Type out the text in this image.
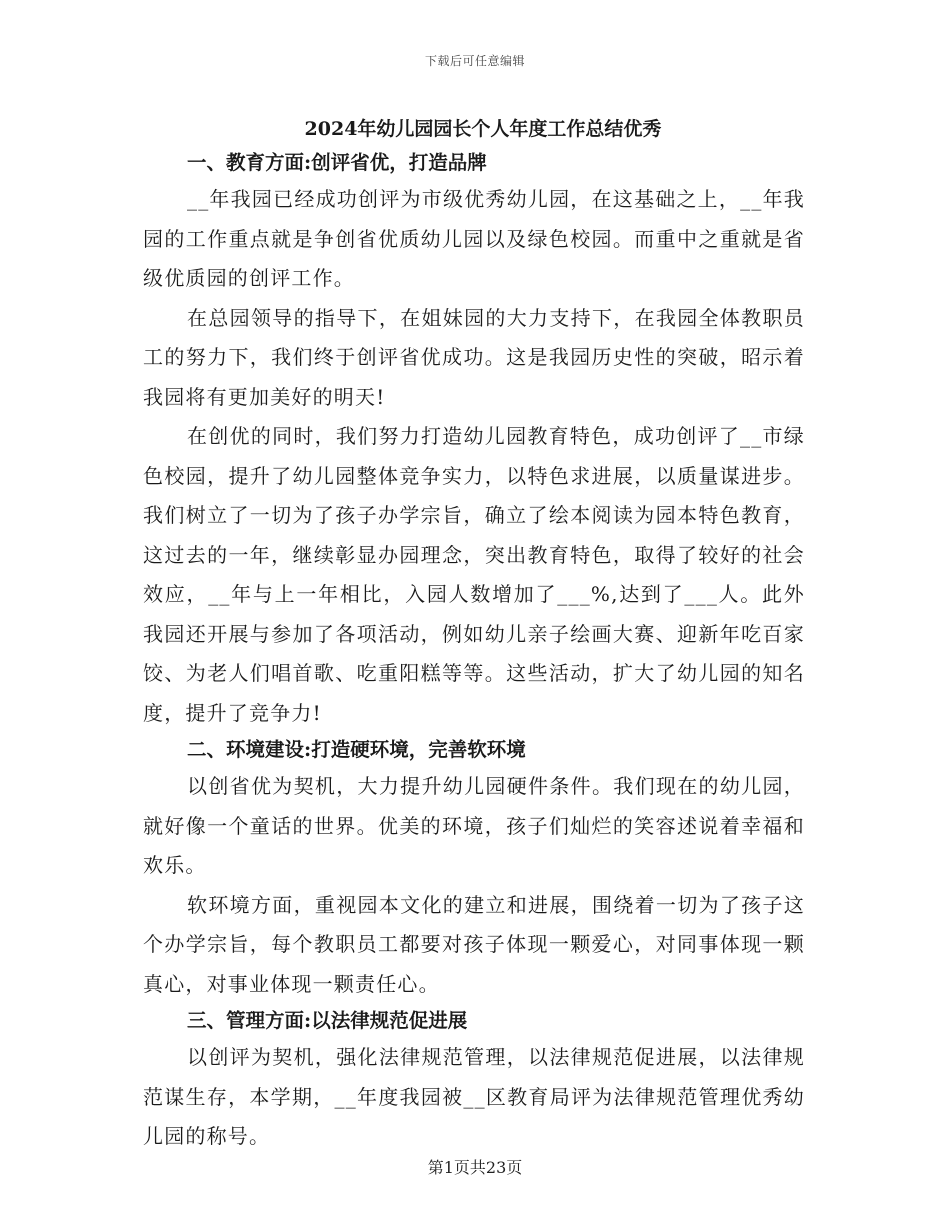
下载后可任意编辑
2024年幼儿园园长个人年度工作总结优秀
一、教育方面:创评省优，打造品牌

__年我园已经成功创评为市级优秀幼儿园，在这基础之上，__年我园的工作重点就是争创省优质幼儿园以及绿色校园。而重中之重就是省级优质园的创评工作。

在总园领导的指导下，在姐妹园的大力支持下，在我园全体教职员工的努力下，我们终于创评省优成功。这是我园历史性的突破，昭示着我园将有更加美好的明天!

在创优的同时，我们努力打造幼儿园教育特色，成功创评了__市绿色校园，提升了幼儿园整体竞争实力，以特色求进展，以质量谋进步。我们树立了一切为了孩子办学宗旨，确立了绘本阅读为园本特色教育，这过去的一年，继续彰显办园理念，突出教育特色，取得了较好的社会效应，__年与上一年相比，入园人数增加了___%,达到了___人。此外我园还开展与参加了各项活动，例如幼儿亲子绘画大赛、迎新年吃百家饺、为老人们唱首歌、吃重阳糕等等。这些活动，扩大了幼儿园的知名度，提升了竞争力!

二、环境建设:打造硬环境，完善软环境

以创省优为契机，大力提升幼儿园硬件条件。我们现在的幼儿园，就好像一个童话的世界。优美的环境，孩子们灿烂的笑容述说着幸福和欢乐。

软环境方面，重视园本文化的建立和进展，围绕着一切为了孩子这个办学宗旨，每个教职员工都要对孩子体现一颗爱心，对同事体现一颗真心，对事业体现一颗责任心。

三、管理方面:以法律规范促进展

以创评为契机，强化法律规范管理，以法律规范促进展，以法律规范谋生存，本学期，__年度我园被__区教育局评为法律规范管理优秀幼儿园的称号。

第1页共23页
